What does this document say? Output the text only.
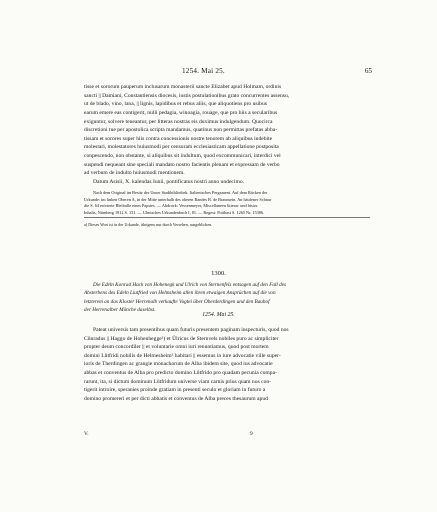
1254. Mai 25.	65
tisse et sororum pauperum inclusarum monasterii sancte Elizabet apud Holmam, ordinis
sancti || Damiani, Constantiensis diocesis, iustis postulationibus grato concurrentes assensu,
ut de blado, vino, lana, || lignis, lapidibus et rebus aliis, que aliquotiens pro usibus
earum emere eas contigerit, nulli pedagia, winoagia, rouage, que pro hiis a secularibus
exiguntur, solvere teneantur, per litteras nostras eis duximus indulgendum. Quocirca
discretioni tue per apostolica scripta mandamus, quatinus non permittas prefatas abba-
tissam et sorores super hiis contra concessionis nostre tenorem ab aliquibus indebite
molestari, molestatores huiusmodi per censuram ecclesiasticam appellatione postposita
conpescendo, non obstante, si aliquibus sit indultum, quod excommunicari, interdici vel
suspendi nequeant sine speciali mandato nostro facientis plenam et expressam de verbo
ad verbum de indulto huiusmodi mentionem.
Datum Asisii, X. kalendas Iunii, pontificatus nostri anno undecimo.
Nach dem Original im Besitz der Unser Stadtbibliothek. Italienisches Pergament. Auf dem Rücken der
Urkunde: im linken Oberen A, in der Mitte unterhalb des oberen Randes B. de Braunsein. An häufener Schnur
die S. 64 erörterte Bleibulle eines Papstes. — Abdruck: Vessenmeyer, Miscellaneen litterar. und histor.
Inhalts, Nürnberg 1812 S. 151. — Ulmisches Urkundenbuch I, 81. — Regest: Potthast S. 1265 Nr. 15386.
a) Dieses Wort ist in der Urkunde, übrigens nur durch Versehen, ausgeblichen.
1300.
Die Edeln Konrad Hack von Hohenegk und Ulrich von Sternenfels entsagen auf den Fall des
Absterbens des Edeln Liutfried von Helmsheim allen ihren etwaigen Ansprüchen auf die von
letzterem an das Kloster Herrenalb verkaufte Vogtei über Oberderdingen und den Bauhof
der Herrenalber Mönche daselbst.
1254. Mai 25.
Pateat universis tam presentibus quam futuris presentem paginam inspecturis, quod nos
Cůnradus || Haggo de Hohenhegge¹) et Ůlricus de Sternvels nobiles puro ac simpliciter
propter deum concordiler || et voluntarie omni iuri renuntiamus, quod post mortem
domini Lůtfridi nobilis de Helmesheim² habitari || essemus in iure advocatie ville super-
ioris de Therdingen ac grangie monachorum de Alba ibidem site, quod ius advocatie
abbas et conventus de Alba pro predicto domino Lůtfrido pro quadam pecunia compa-
rarunt, ita, si dictum dominum Lůtfridum universe viam carnis prius quam nos con-
tigerit introire, speranies proinde gratiam in presenti seculo et gloriam in futuro a
domino promereri et per dicti abbatis et conventus de Alba preces thesaurum apud
V.	9
